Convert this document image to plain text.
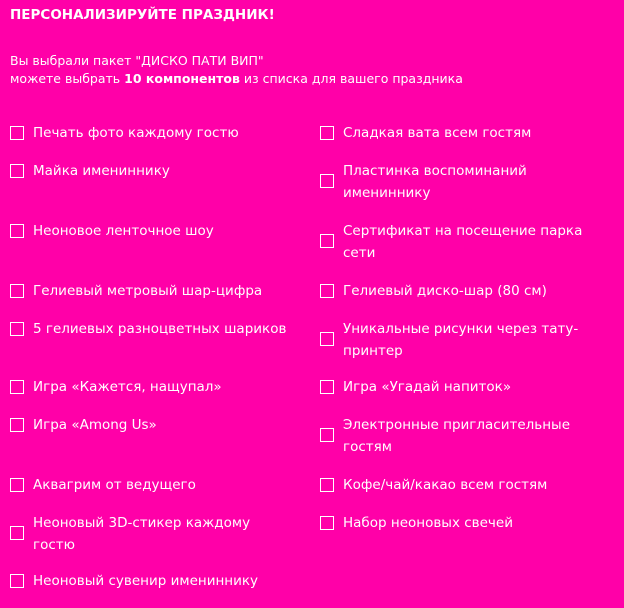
ПЕРСОНАЛИЗИРУЙТЕ ПРАЗДНИК!
Вы выбрали пакет "ДИСКО ПАТИ ВИП"
можете выбрать 10 компонентов из списка для вашего праздника
Печать фото каждому гостю	Сладкая вата всем гостям
Майка имениннику	Пластинка воспоминаний имениннику
Неоновое ленточное шоу	Сертификат на посещение парка сети
Гелиевый метровый шар-цифра	Гелиевый диско-шар (80 см)
5 гелиевых разноцветных шариков	Уникальные рисунки через тату-принтер
Игра «Кажется, нащупал»	Игра «Угадай напиток»
Игра «Among Us»	Электронные пригласительные гостям
Аквагрим от ведущего	Кофе/чай/какао всем гостям
Неоновый 3D-стикер каждому гостю
Набор неоновых свечей
Неоновый сувенир имениннику
